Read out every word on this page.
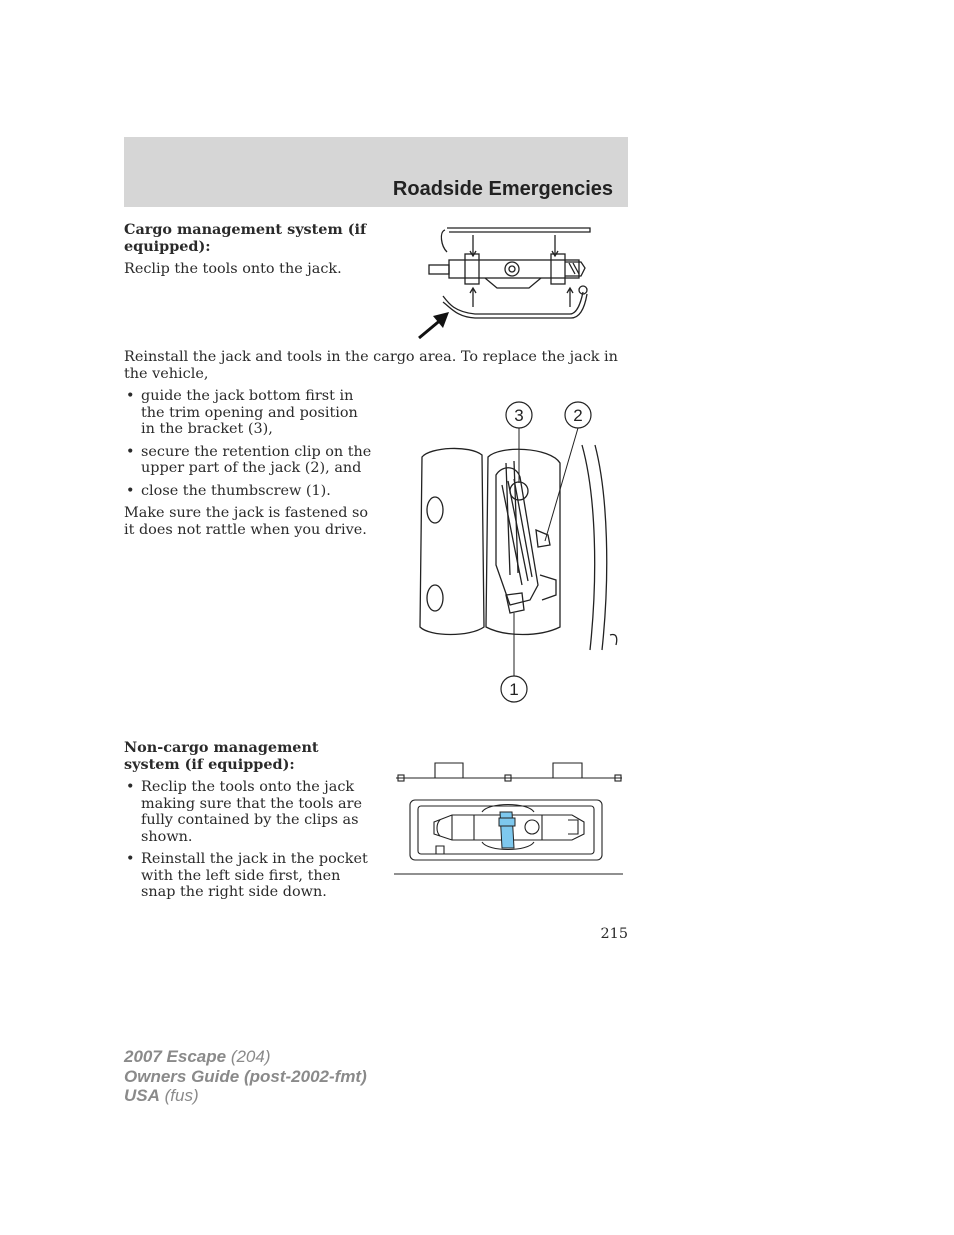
Roadside Emergencies
Cargo management system (if equipped):
Reclip the tools onto the jack.
Reinstall the jack and tools in the cargo area. To replace the jack in the vehicle,
• guide the jack bottom first in the trim opening and position in the bracket (3),
• secure the retention clip on the upper part of the jack (2), and
• close the thumbscrew (1).
Make sure the jack is fastened so it does not rattle when you drive.
3	2
1
Non-cargo management system (if equipped):
• Reclip the tools onto the jack making sure that the tools are fully contained by the clips as shown.
• Reinstall the jack in the pocket with the left side first, then snap the right side down.
215
2007 Escape (204)
Owners Guide (post-2002-fmt)
USA (fus)
